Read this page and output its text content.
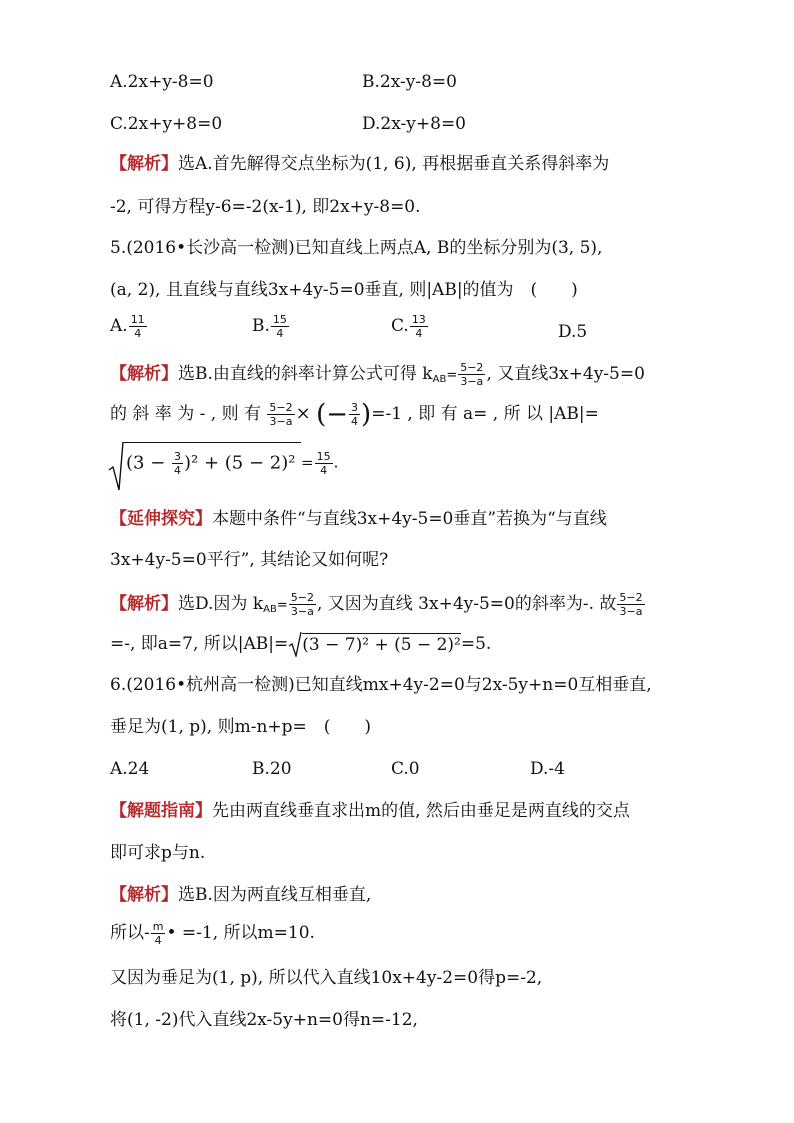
A.2x+y-8=0	B.2x-y-8=0
C.2x+y+8=0	D.2x-y+8=0
【解析】选A.首先解得交点坐标为(1, 6), 再根据垂直关系得斜率为
-2, 可得方程y-6=-2(x-1), 即2x+y-8=0.
5.(2016•长沙高一检测)已知直线上两点A, B的坐标分别为(3, 5),
(a, 2), 且直线与直线3x+4y-5=0垂直, 则|AB|的值为　(　　)
A. $\frac{11}{4}$	B. $\frac{15}{4}$	C. $\frac{13}{4}$	D.5
【解析】选B.由直线的斜率计算公式可得 $k_{AB}= \frac{5-2}{3-a}$ , 又直线3x+4y-5=0
的 斜 率 为 - , 则 有 $\frac{5-2}{3-a}$ × (− $\frac{3}{4} )=-1$ , 即 有 a= , 所 以 |AB|=
$(3 - \frac{3}{4} )^2 + (5 - 2)^2 = \frac{15}{4}$ .
【延伸探究】本题中条件“与直线3x+4y-5=0垂直”若换为“与直线
3x+4y-5=0平行”, 其结论又如何呢?
【解析】选D.因为 $k_{AB}= \frac{5-2}{3-a}$ , 又因为直线 3x+4y-5=0的斜率为-. 故 $\frac{5-2}{3-a}$
=-, 即a=7, 所以|AB|= (3 − 7)² + (5 − 2)²=5.
6.(2016•杭州高一检测)已知直线mx+4y-2=0与2x-5y+n=0互相垂直,
垂足为(1, p), 则m-n+p=　(　　)
A.24	B.20	C.0	D.-4
【解题指南】先由两直线垂直求出m的值, 然后由垂足是两直线的交点
即可求p与n.
【解析】选B.因为两直线互相垂直,
所以- $\frac{m}{4}$ • =-1, 所以m=10.
又因为垂足为(1, p), 所以代入直线10x+4y-2=0得p=-2,
将(1, -2)代入直线2x-5y+n=0得n=-12,
